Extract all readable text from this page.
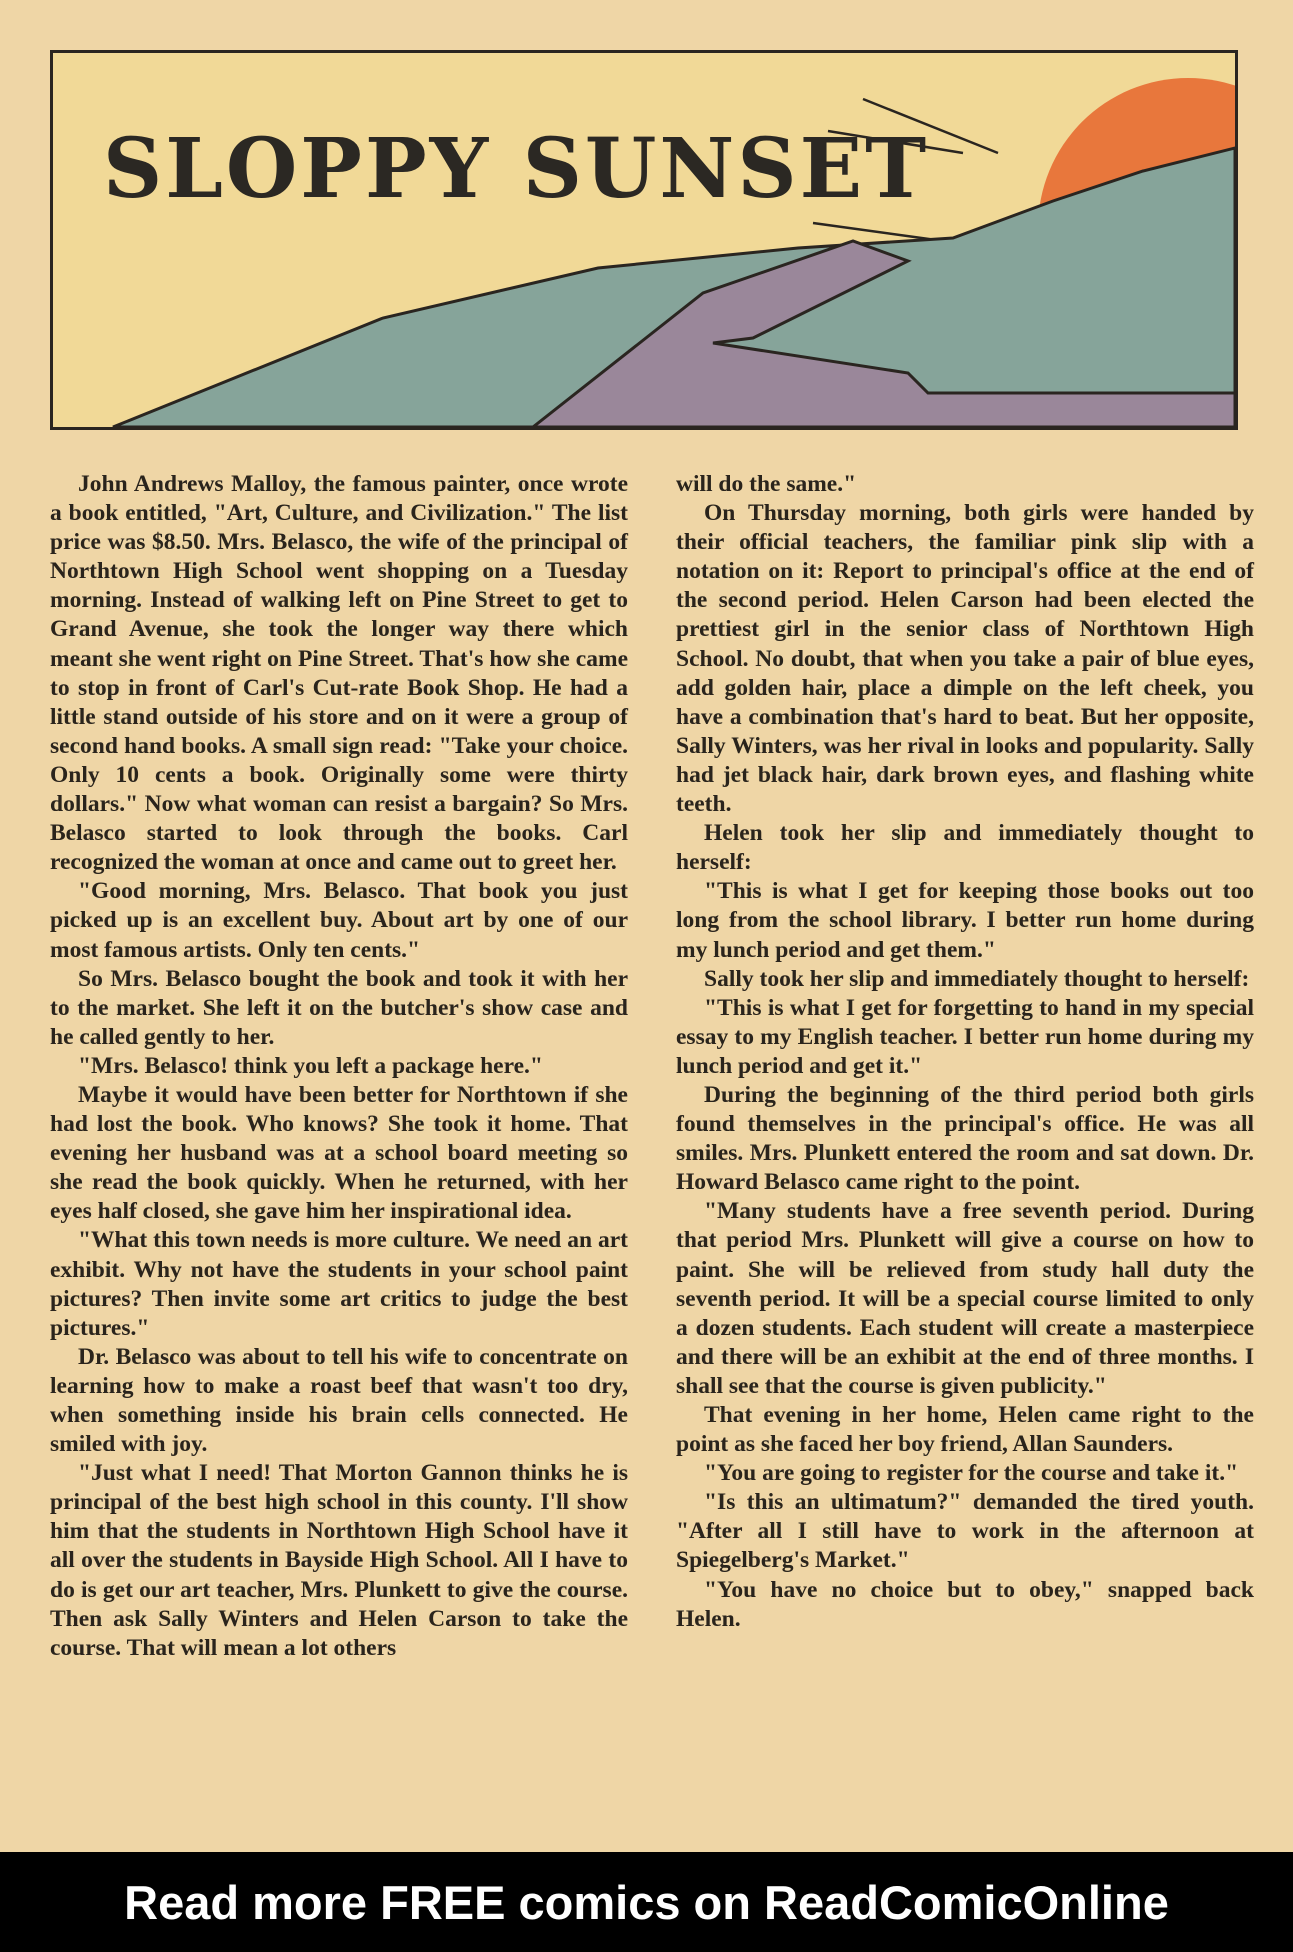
SLOPPY SUNSET

John Andrews Malloy, the famous painter, once wrote a book entitled, "Art, Culture, and Civilization." The list price was $8.50. Mrs. Belasco, the wife of the principal of Northtown High School went shopping on a Tuesday morning. Instead of walking left on Pine Street to get to Grand Avenue, she took the longer way there which meant she went right on Pine Street. That's how she came to stop in front of Carl's Cut-rate Book Shop. He had a little stand outside of his store and on it were a group of second hand books. A small sign read: "Take your choice. Only 10 cents a book. Originally some were thirty dollars." Now what woman can resist a bargain? So Mrs. Belasco started to look through the books. Carl recognized the woman at once and came out to greet her.

"Good morning, Mrs. Belasco. That book you just picked up is an excellent buy. About art by one of our most famous artists. Only ten cents."

So Mrs. Belasco bought the book and took it with her to the market. She left it on the butcher's show case and he called gently to her.

"Mrs. Belasco! think you left a package here."

Maybe it would have been better for Northtown if she had lost the book. Who knows? She took it home. That evening her husband was at a school board meeting so she read the book quickly. When he returned, with her eyes half closed, she gave him her inspirational idea.

"What this town needs is more culture. We need an art exhibit. Why not have the students in your school paint pictures? Then invite some art critics to judge the best pictures."

Dr. Belasco was about to tell his wife to concentrate on learning how to make a roast beef that wasn't too dry, when something inside his brain cells connected. He smiled with joy.

"Just what I need! That Morton Gannon thinks he is principal of the best high school in this county. I'll show him that the students in Northtown High School have it all over the students in Bayside High School. All I have to do is get our art teacher, Mrs. Plunkett to give the course. Then ask Sally Winters and Helen Carson to take the course. That will mean a lot others

will do the same."

On Thursday morning, both girls were handed by their official teachers, the familiar pink slip with a notation on it: Report to principal's office at the end of the second period. Helen Carson had been elected the prettiest girl in the senior class of Northtown High School. No doubt, that when you take a pair of blue eyes, add golden hair, place a dimple on the left cheek, you have a combination that's hard to beat. But her opposite, Sally Winters, was her rival in looks and popularity. Sally had jet black hair, dark brown eyes, and flashing white teeth.

Helen took her slip and immediately thought to herself:

"This is what I get for keeping those books out too long from the school library. I better run home during my lunch period and get them."

Sally took her slip and immediately thought to herself:

"This is what I get for forgetting to hand in my special essay to my English teacher. I better run home during my lunch period and get it."

During the beginning of the third period both girls found themselves in the principal's office. He was all smiles. Mrs. Plunkett entered the room and sat down. Dr. Howard Belasco came right to the point.

"Many students have a free seventh period. During that period Mrs. Plunkett will give a course on how to paint. She will be relieved from study hall duty the seventh period. It will be a special course limited to only a dozen students. Each student will create a masterpiece and there will be an exhibit at the end of three months. I shall see that the course is given publicity."

That evening in her home, Helen came right to the point as she faced her boy friend, Allan Saunders.

"You are going to register for the course and take it."

"Is this an ultimatum?" demanded the tired youth. "After all I still have to work in the afternoon at Spiegelberg's Market."

"You have no choice but to obey," snapped back Helen.

Read more FREE comics on ReadComicOnline
